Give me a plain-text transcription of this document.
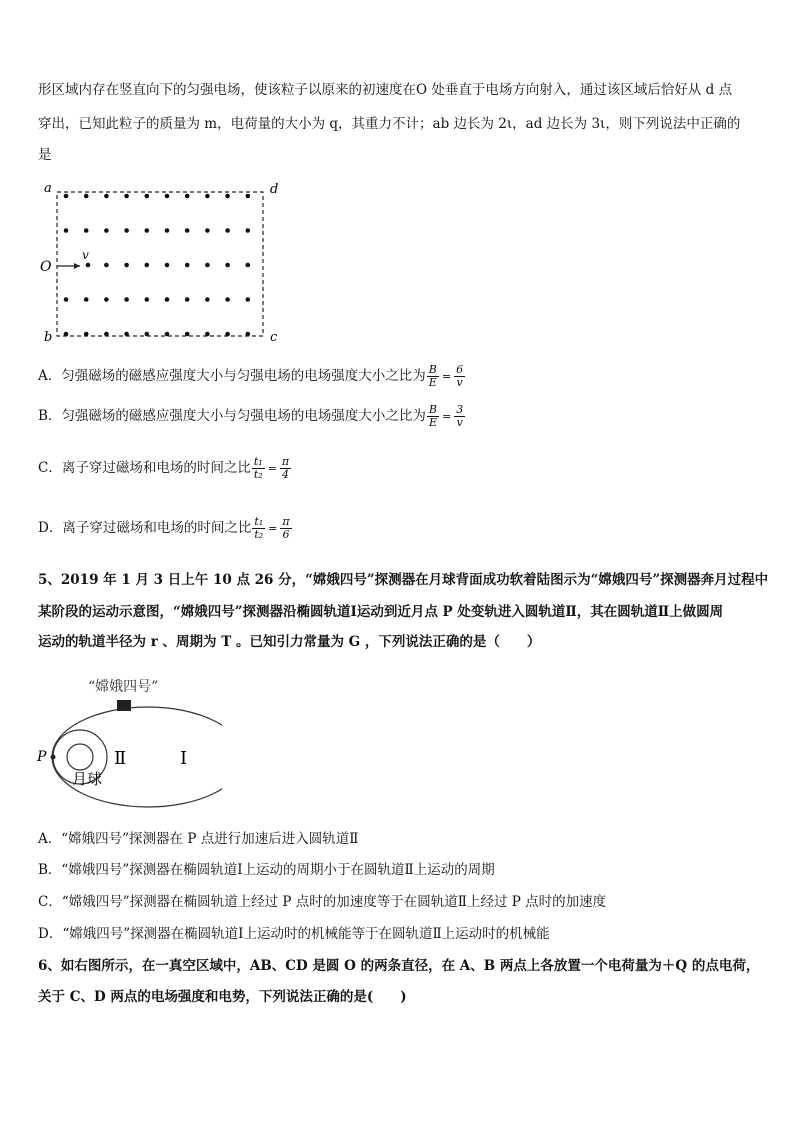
形区域内存在竖直向下的匀强电场，使该粒子以原来的初速度在O 处垂直于电场方向射入，通过该区域后恰好从 d 点
穿出，已知此粒子的质量为 m，电荷量的大小为 q，其重力不计；ab 边长为 2ι，ad 边长为 3ι，则下列说法中正确的
是
a	d
b	c
O
v
A．匀强磁场的磁感应强度大小与匀强电场的电场强度大小之比为 $\frac{B}{E} = \frac{6}{v}$
B．匀强磁场的磁感应强度大小与匀强电场的电场强度大小之比为 $\frac{B}{E} = \frac{3}{v}$
C．离子穿过磁场和电场的时间之比 $\frac{\text{t₁}}{\text{t₂}} = \frac{\pi}{4}$
D．离子穿过磁场和电场的时间之比 $\frac{\text{t₁}}{\text{t₂}} = \frac{\pi}{6}$
5、2019 年 1 月 3 日上午 10 点 26 分，“嫦娥四号”探测器在月球背面成功软着陆图示为“嫦娥四号”探测器奔月过程中
某阶段的运动示意图，“嫦娥四号”探测器沿椭圆轨道Ⅰ运动到近月点 P 处变轨进入圆轨道Ⅱ，其在圆轨道Ⅱ上做圆周
运动的轨道半径为 r 、周期为 T 。已知引力常量为 G ，下列说法正确的是（　　）
“嫦娥四号”
P	Ⅱ	Ⅰ
月球
A．“嫦娥四号”探测器在 P 点进行加速后进入圆轨道Ⅱ
B．“嫦娥四号”探测器在椭圆轨道Ⅰ上运动的周期小于在圆轨道Ⅱ上运动的周期
C．“嫦娥四号”探测器在椭圆轨道上经过 P 点时的加速度等于在圆轨道Ⅱ上经过 P 点时的加速度
D．“嫦娥四号”探测器在椭圆轨道Ⅰ上运动时的机械能等于在圆轨道Ⅱ上运动时的机械能
6、如右图所示，在一真空区域中，AB、CD 是圆 O 的两条直径，在 A、B 两点上各放置一个电荷量为＋Q 的点电荷，
关于 C、D 两点的电场强度和电势，下列说法正确的是(　　)
